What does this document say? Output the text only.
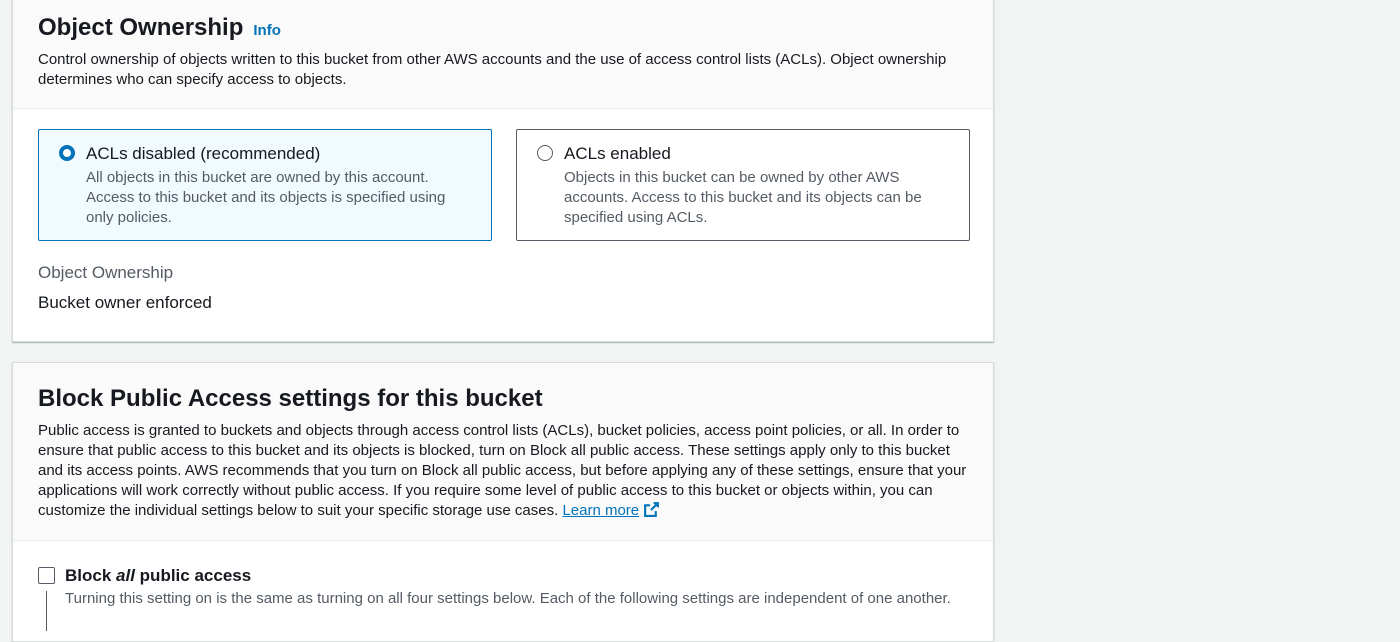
Object Ownership Info
Control ownership of objects written to this bucket from other AWS accounts and the use of access control lists (ACLs). Object ownership determines who can specify access to objects.
ACLs disabled (recommended)
All objects in this bucket are owned by this account. Access to this bucket and its objects is specified using only policies.
ACLs enabled
Objects in this bucket can be owned by other AWS accounts. Access to this bucket and its objects can be specified using ACLs.
Object Ownership
Bucket owner enforced
Block Public Access settings for this bucket
Public access is granted to buckets and objects through access control lists (ACLs), bucket policies, access point policies, or all. In order to ensure that public access to this bucket and its objects is blocked, turn on Block all public access. These settings apply only to this bucket and its access points. AWS recommends that you turn on Block all public access, but before applying any of these settings, ensure that your applications will work correctly without public access. If you require some level of public access to this bucket or objects within, you can customize the individual settings below to suit your specific storage use cases. Learn more
Block all public access
Turning this setting on is the same as turning on all four settings below. Each of the following settings are independent of one another.
